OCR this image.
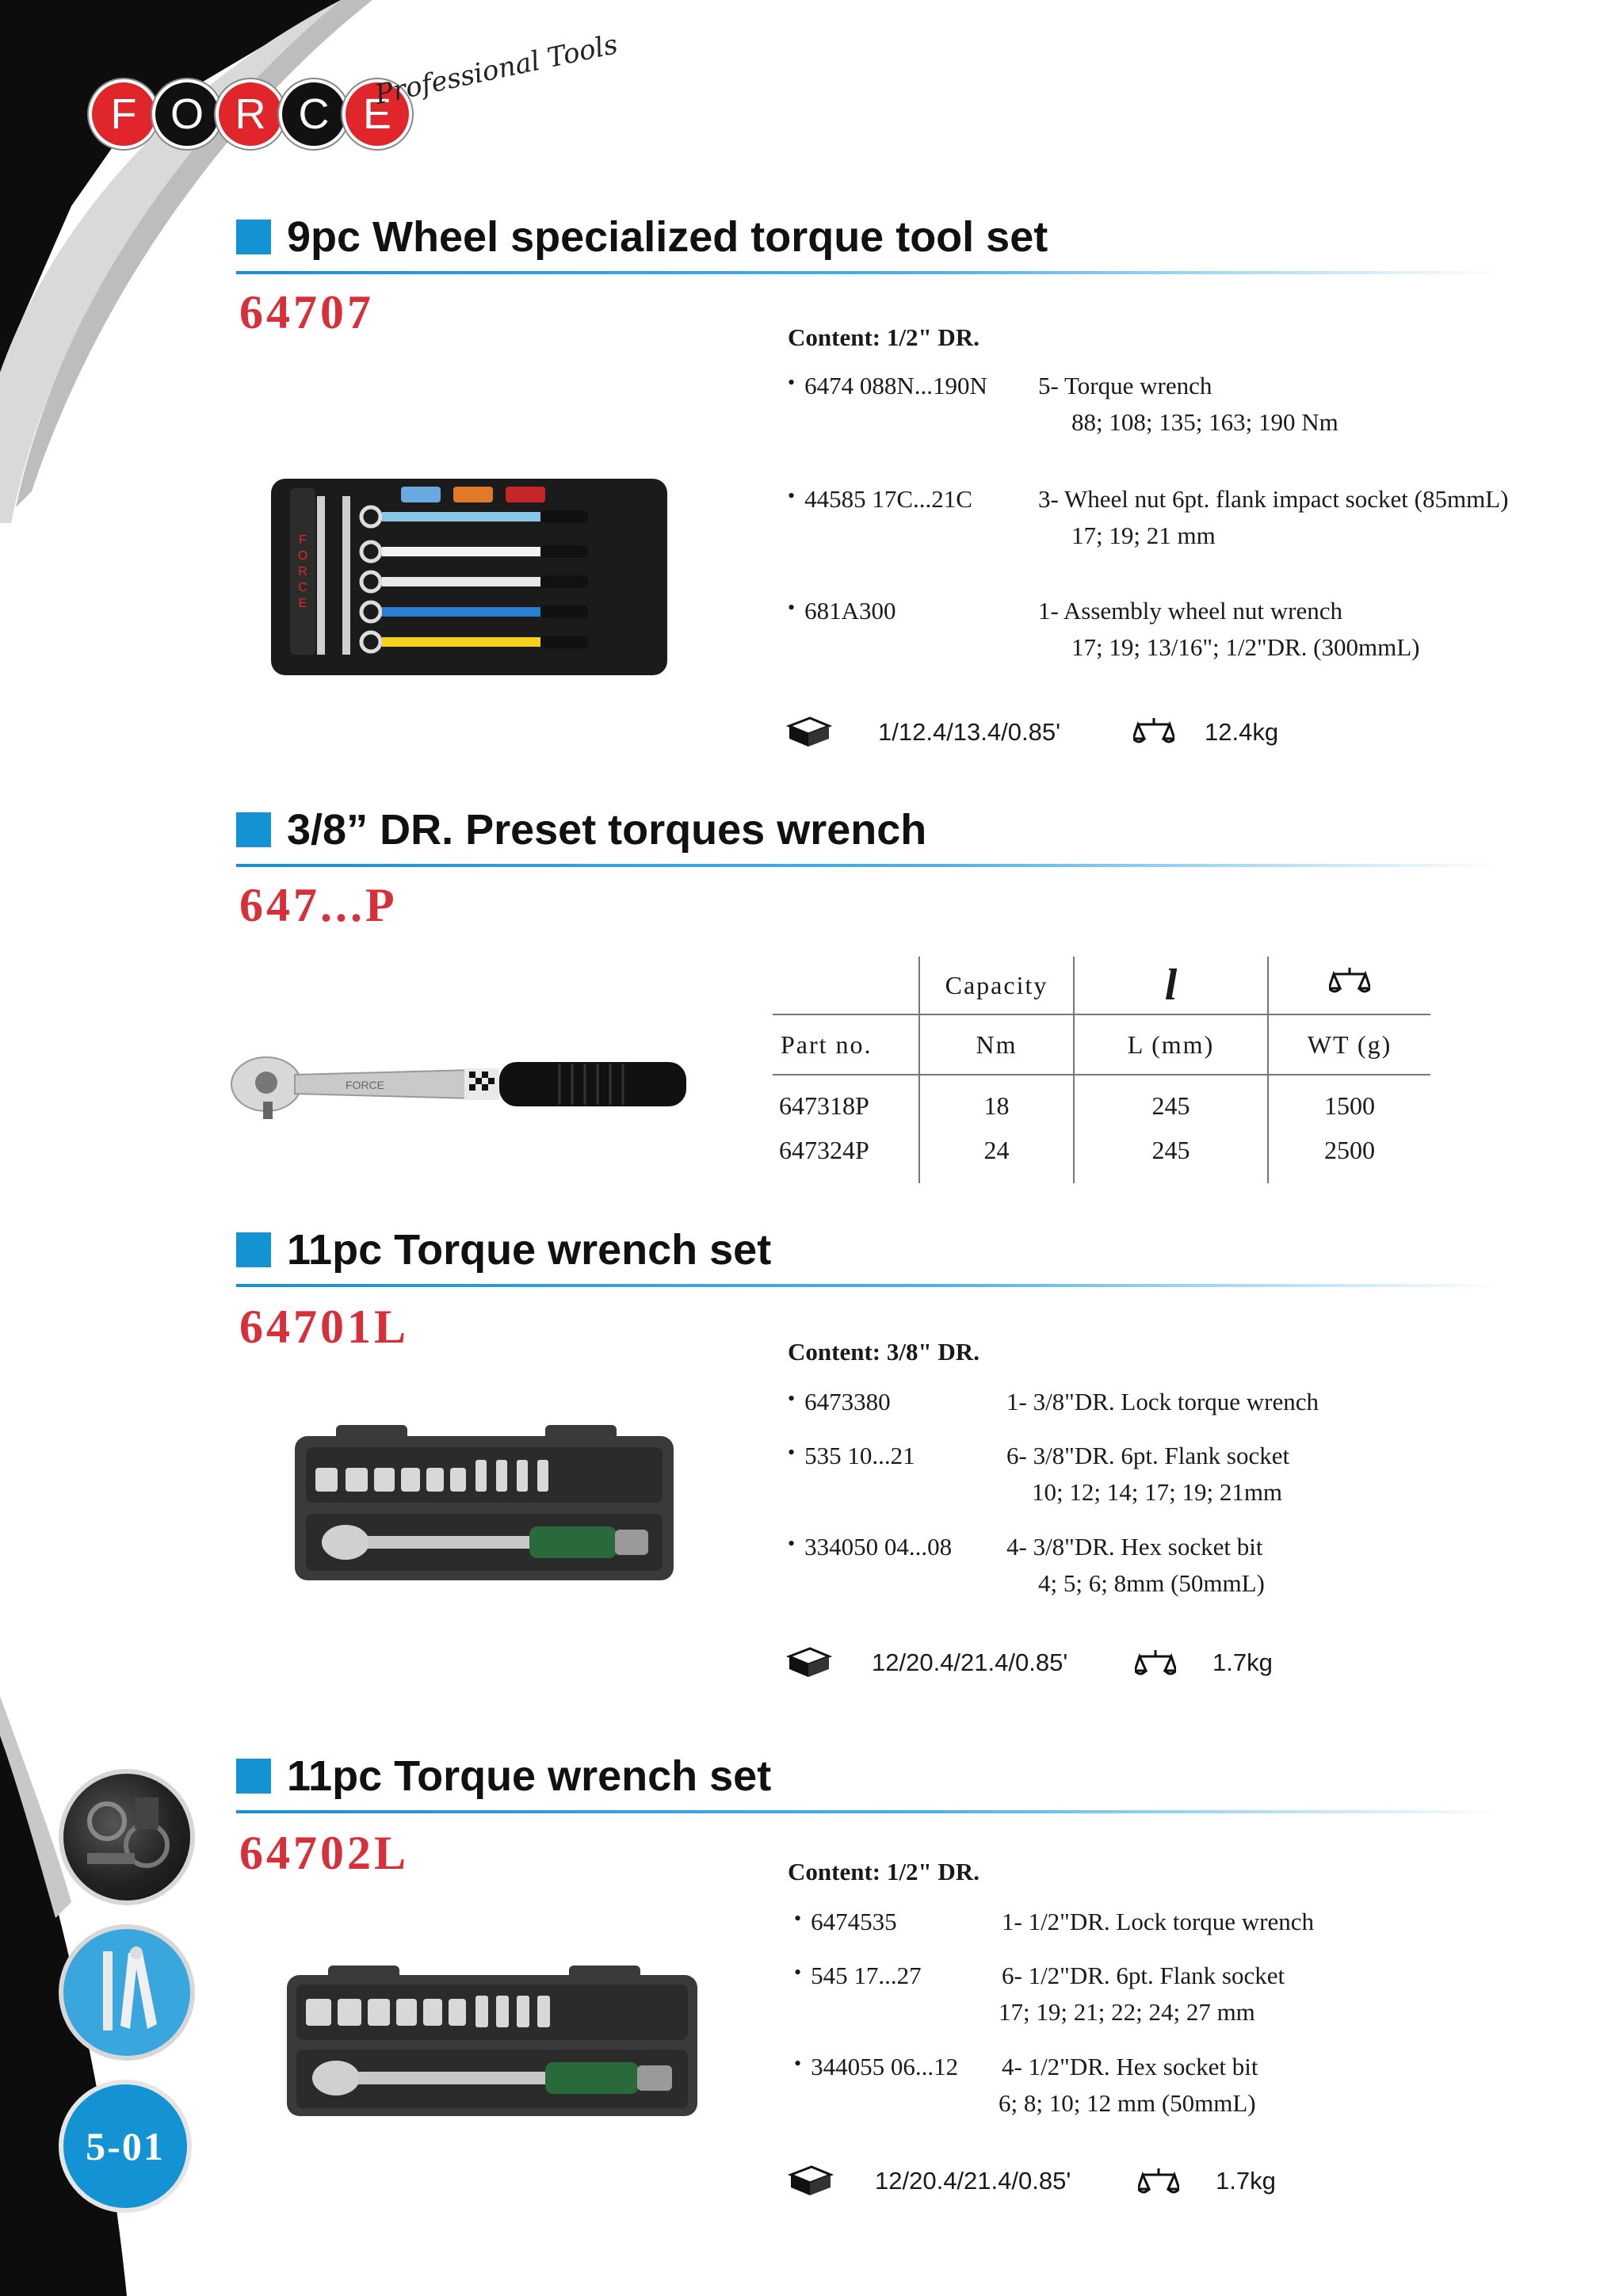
5-01
F O R C E
Professional Tools
9pc Wheel specialized torque tool set
64707
F
O
R
C
E
Content: 1/2" DR.
• 6474 088N...190N	5- Torque wrench
88; 108; 135; 163; 190 Nm
• 44585 17C...21C	3- Wheel nut 6pt. flank impact socket (85mmL)
17; 19; 21 mm
• 681A300	1- Assembly wheel nut wrench
17; 19; 13/16"; 1/2"DR. (300mmL)
1/12.4/13.4/0.85'	12.4kg
3/8” DR. Preset torques wrench
647...P
FORCE
	Capacity	l	
Part no.	Nm	L (mm)	WT (g)
647318P	18	245	1500
647324P	24	245	2500
11pc Torque wrench set
64701L	Content: 3/8" DR.
• 6473380	1- 3/8"DR. Lock torque wrench
• 535 10...21	6- 3/8"DR. 6pt. Flank socket
10; 12; 14; 17; 19; 21mm
• 334050 04...08 4- 3/8"DR. Hex socket bit
4; 5; 6; 8mm (50mmL)
12/20.4/21.4/0.85'	1.7kg
11pc Torque wrench set
64702L	Content: 1/2" DR.
• 6474535	1- 1/2"DR. Lock torque wrench
• 545 17...27	6- 1/2"DR. 6pt. Flank socket
17; 19; 21; 22; 24; 27 mm
• 344055 06...12 4- 1/2"DR. Hex socket bit
6; 8; 10; 12 mm (50mmL)
12/20.4/21.4/0.85'	1.7kg
